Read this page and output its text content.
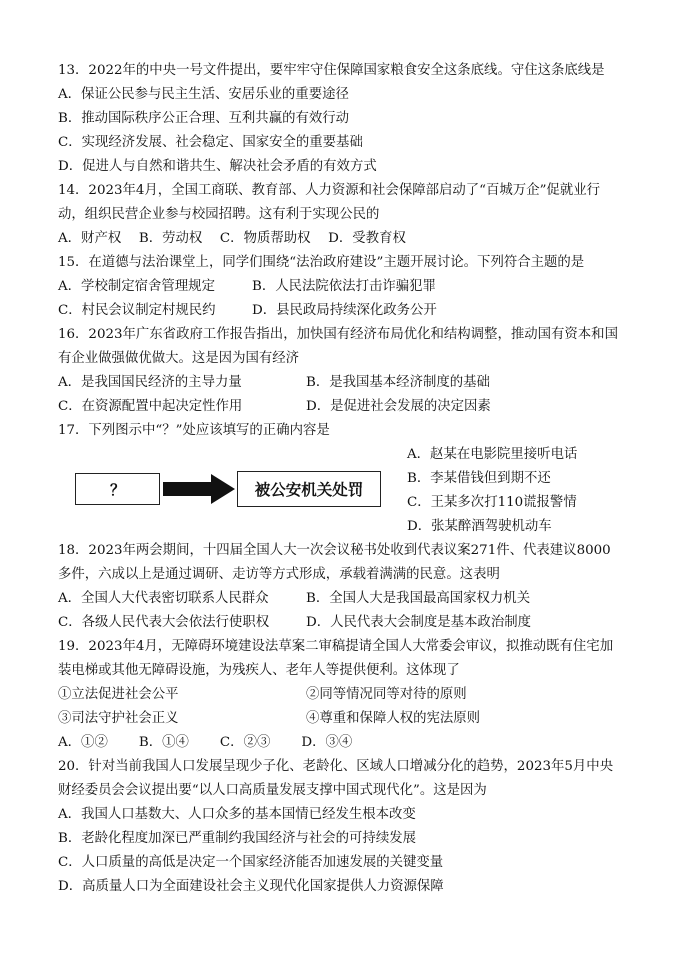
13．2022年的中央一号文件提出，要牢牢守住保障国家粮食安全这条底线。守住这条底线是
A．保证公民参与民主生活、安居乐业的重要途径
B．推动国际秩序公正合理、互利共赢的有效行动
C．实现经济发展、社会稳定、国家安全的重要基础
D．促进人与自然和谐共生、解决社会矛盾的有效方式
14．2023年4月，全国工商联、教育部、人力资源和社会保障部启动了“百城万企”促就业行
动，组织民营企业参与校园招聘。这有利于实现公民的
A．财产权　 B．劳动权　 C．物质帮助权　 D．受教育权
15．在道德与法治课堂上，同学们围绕“法治政府建设”主题开展讨论。下列符合主题的是
A．学校制定宿舍管理规定	B．人民法院依法打击诈骗犯罪
C．村民会议制定村规民约	D．县民政局持续深化政务公开
16．2023年广东省政府工作报告指出，加快国有经济布局优化和结构调整，推动国有资本和国
有企业做强做优做大。这是因为国有经济
A．是我国国民经济的主导力量	B．是我国基本经济制度的基础
C．在资源配置中起决定性作用	D．是促进社会发展的决定因素
17．下列图示中“？”处应该填写的正确内容是
A．赵某在电影院里接听电话
B．李某借钱但到期不还
C．王某多次打110谎报警情
D．张某醉酒驾驶机动车
？	被公安机关处罚
18．2023年两会期间，十四届全国人大一次会议秘书处收到代表议案271件、代表建议8000
多件，六成以上是通过调研、走访等方式形成，承载着满满的民意。这表明
A．全国人大代表密切联系人民群众	B．全国人大是我国最高国家权力机关
C．各级人民代表大会依法行使职权	D．人民代表大会制度是基本政治制度
19．2023年4月，无障碍环境建设法草案二审稿提请全国人大常委会审议，拟推动既有住宅加
装电梯或其他无障碍设施，为残疾人、老年人等提供便利。这体现了
①立法促进社会公平	②同等情况同等对待的原则
③司法守护社会正义	④尊重和保障人权的宪法原则
A．①②　　 B．①④　　 C．②③　　 D．③④
20．针对当前我国人口发展呈现少子化、老龄化、区域人口增减分化的趋势，2023年5月中央
财经委员会会议提出要“以人口高质量发展支撑中国式现代化”。这是因为
A．我国人口基数大、人口众多的基本国情已经发生根本改变
B．老龄化程度加深已严重制约我国经济与社会的可持续发展
C．人口质量的高低是决定一个国家经济能否加速发展的关键变量
D．高质量人口为全面建设社会主义现代化国家提供人力资源保障
